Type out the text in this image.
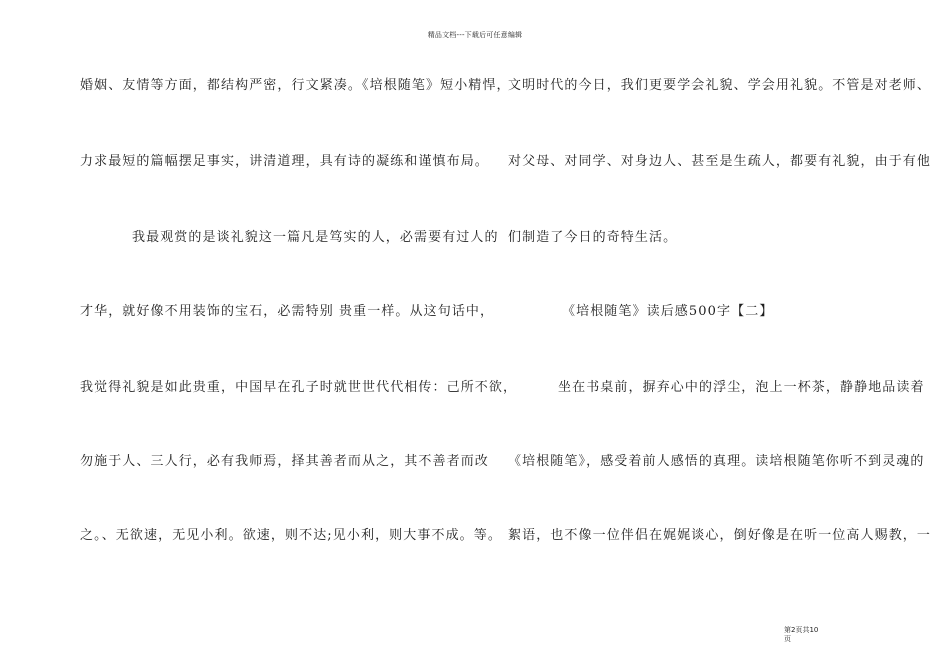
精品文档---下载后可任意编辑
婚姻、友情等方面，都结构严密，行文紧凑。《培根随笔》短小精悍，
力求最短的篇幅摆足事实，讲清道理，具有诗的凝练和谨慎布局。
我最观赏的是谈礼貌这一篇凡是笃实的人，必需要有过人的
才华，就好像不用装饰的宝石，必需特别 贵重一样。从这句话中，
我觉得礼貌是如此贵重，中国早在孔子时就世世代代相传：己所不欲，
勿施于人、三人行，必有我师焉，择其善者而从之，其不善者而改
之。、无欲速，无见小利。欲速，则不达;见小利，则大事不成。等。
文明时代的今日，我们更要学会礼貌、学会用礼貌。不管是对老师、
对父母、对同学、对身边人、甚至是生疏人，都要有礼貌，由于有他
们制造了今日的奇特生活。
《培根随笔》读后感500字【二】
坐在书桌前，摒弃心中的浮尘，泡上一杯茶，静静地品读着
《培根随笔》，感受着前人感悟的真理。读培根随笔你听不到灵魂的
絮语，也不像一位伴侣在娓娓谈心，倒好像是在听一位高人赐教，一
第2页共10
页
